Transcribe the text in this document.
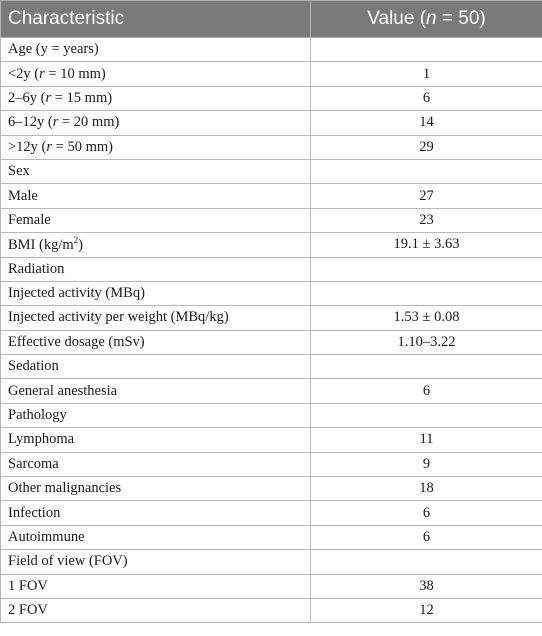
Characteristic	Value (n = 50)
Age (y = years)	
<2y (r = 10 mm)	1
2–6y (r = 15 mm)	6
6–12y (r = 20 mm)	14
>12y (r = 50 mm)	29
Sex	
Male	27
Female	23
BMI $(kg/m^2)$	19.1 ± 3.63
Radiation	
Injected activity (MBq)	
Injected activity per weight (MBq/kg)	1.53 ± 0.08
Effective dosage (mSv)	1.10–3.22
Sedation	
General anesthesia	6
Pathology	
Lymphoma	11
Sarcoma	9
Other malignancies	18
Infection	6
Autoimmune	6
Field of view (FOV)	
1 FOV	38
2 FOV	12
